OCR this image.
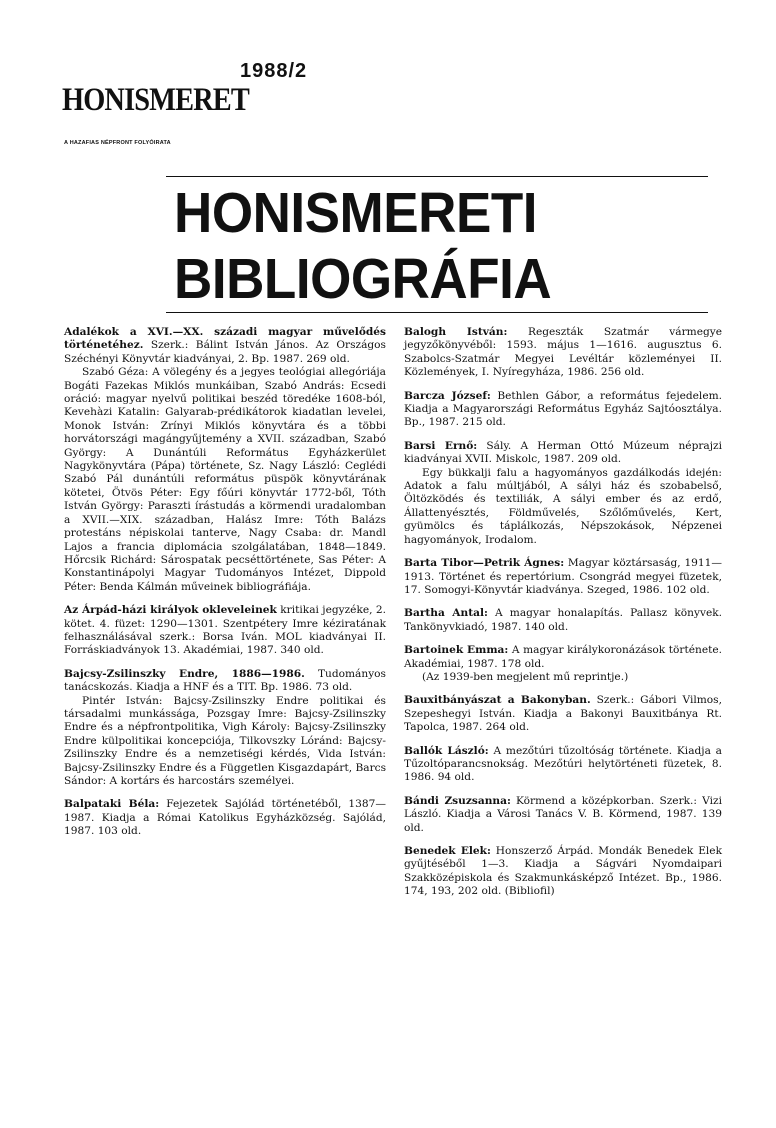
1988/2
HONISMERET
A HAZAFIAS NÉPFRONT FOLYÓIRATA
HONISMERETI
BIBLIOGRÁFIA

Adalékok a XVI.—XX. századi magyar művelődés történetéhez. Szerk.: Bálint István János. Az Országos Széchényi Könyvtár kiadványai, 2. Bp. 1987. 269 old.

Szabó Géza: A völegény és a jegyes teológiai allegóriája Bogáti Fazekas Miklós munkáiban, Szabó András: Ecsedi oráció: magyar nyelvű politikai beszéd töredéke 1608-ból, Kevehàzi Katalin: Galyarab-prédikátorok kiadatlan levelei, Monok István: Zrínyi Miklós könyvtára és a többi horvátországi magángyűjtemény a XVII. században, Szabó György: A Dunántúli Református Egyházkerület Nagykönyvtára (Pápa) története, Sz. Nagy László: Ceglédi Szabó Pál dunántúli református püspök könyvtárának kötetei, Ötvös Péter: Egy főúri könyvtár 1772-ből, Tóth István György: Paraszti írástudás a körmendi uradalomban a XVII.—XIX. században, Halász Imre: Tóth Balázs protestáns népiskolai tanterve, Nagy Csaba: dr. Mandl Lajos a francia diplomácia szolgálatában, 1848—1849. Hőrcsik Richárd: Sárospatak pecséttörténete, Sas Péter: A Konstantinápolyi Magyar Tudományos Intézet, Dippold Péter: Benda Kálmán műveinek bibliográfiája.

Az Árpád-házi királyok okleveleinek kritikai jegyzéke, 2. kötet. 4. füzet: 1290—1301. Szentpétery Imre kéziratának felhasználásával szerk.: Borsa Iván. MOL kiadványai II. Forráskiadványok 13. Akadémiai, 1987. 340 old.

Bajcsy-Zsilinszky Endre, 1886—1986. Tudományos tanácskozás. Kiadja a HNF és a TIT. Bp. 1986. 73 old.

Pintér István: Bajcsy-Zsilinszky Endre politikai és társadalmi munkássága, Pozsgay Imre: Bajcsy-Zsilinszky Endre és a népfrontpolitika, Vigh Károly: Bajcsy-Zsilinszky Endre külpolitikai koncepciója, Tilkovszky Lóránd: Bajcsy-Zsilinszky Endre és a nemzetiségi kérdés, Vida István: Bajcsy-Zsilinszky Endre és a Független Kisgazdapárt, Barcs Sándor: A kortárs és harcostárs személyei.

Balpataki Béla: Fejezetek Sajólád történetéből, 1387—1987. Kiadja a Római Katolikus Egyházközség. Sajólád, 1987. 103 old.

Balogh István: Regeszták Szatmár vármegye jegyzőkönyvéből: 1593. május 1—1616. augusztus 6. Szabolcs-Szatmár Megyei Levéltár közleményei II. Közlemények, I. Nyíregyháza, 1986. 256 old.

Barcza József: Bethlen Gábor, a református fejedelem. Kiadja a Magyarországi Református Egyház Sajtóosztálya. Bp., 1987. 215 old.

Barsi Ernő: Sály. A Herman Ottó Múzeum néprajzi kiadványai XVII. Miskolc, 1987. 209 old.

Egy bükkalji falu a hagyományos gazdálkodás idején: Adatok a falu múltjából, A sályi ház és szobabelső, Öltözködés és textiliák, A sályi ember és az erdő, Állattenyésztés, Földművelés, Szőlőművelés, Kert, gyümölcs és táplálkozás, Népszokások, Népzenei hagyományok, Irodalom.

Barta Tibor—Petrik Ágnes: Magyar köztársaság, 1911—1913. Történet és repertórium. Csongrád megyei füzetek, 17. Somogyi-Könyvtár kiadványa. Szeged, 1986. 102 old.

Bartha Antal: A magyar honalapítás. Pallasz könyvek. Tankönyvkiadó, 1987. 140 old.

Bartoinek Emma: A magyar királykoronázások története. Akadémiai, 1987. 178 old.

(Az 1939-ben megjelent mű reprintje.)

Bauxitbányászat a Bakonyban. Szerk.: Gábori Vilmos, Szepeshegyi István. Kiadja a Bakonyi Bauxitbánya Rt. Tapolca, 1987. 264 old.

Ballók László: A mezőtúri tűzoltóság története. Kiadja a Tűzoltóparancsnokság. Mezőtúri helytörténeti füzetek, 8. 1986. 94 old.

Bándi Zsuzsanna: Körmend a középkorban. Szerk.: Vizi László. Kiadja a Városi Tanács V. B. Körmend, 1987. 139 old.

Benedek Elek: Honszerző Árpád. Mondák Benedek Elek gyűjtéséből 1—3. Kiadja a Ságvári Nyomdaipari Szakközépiskola és Szakmunkásképző Intézet. Bp., 1986. 174, 193, 202 old. (Bibliofil)
